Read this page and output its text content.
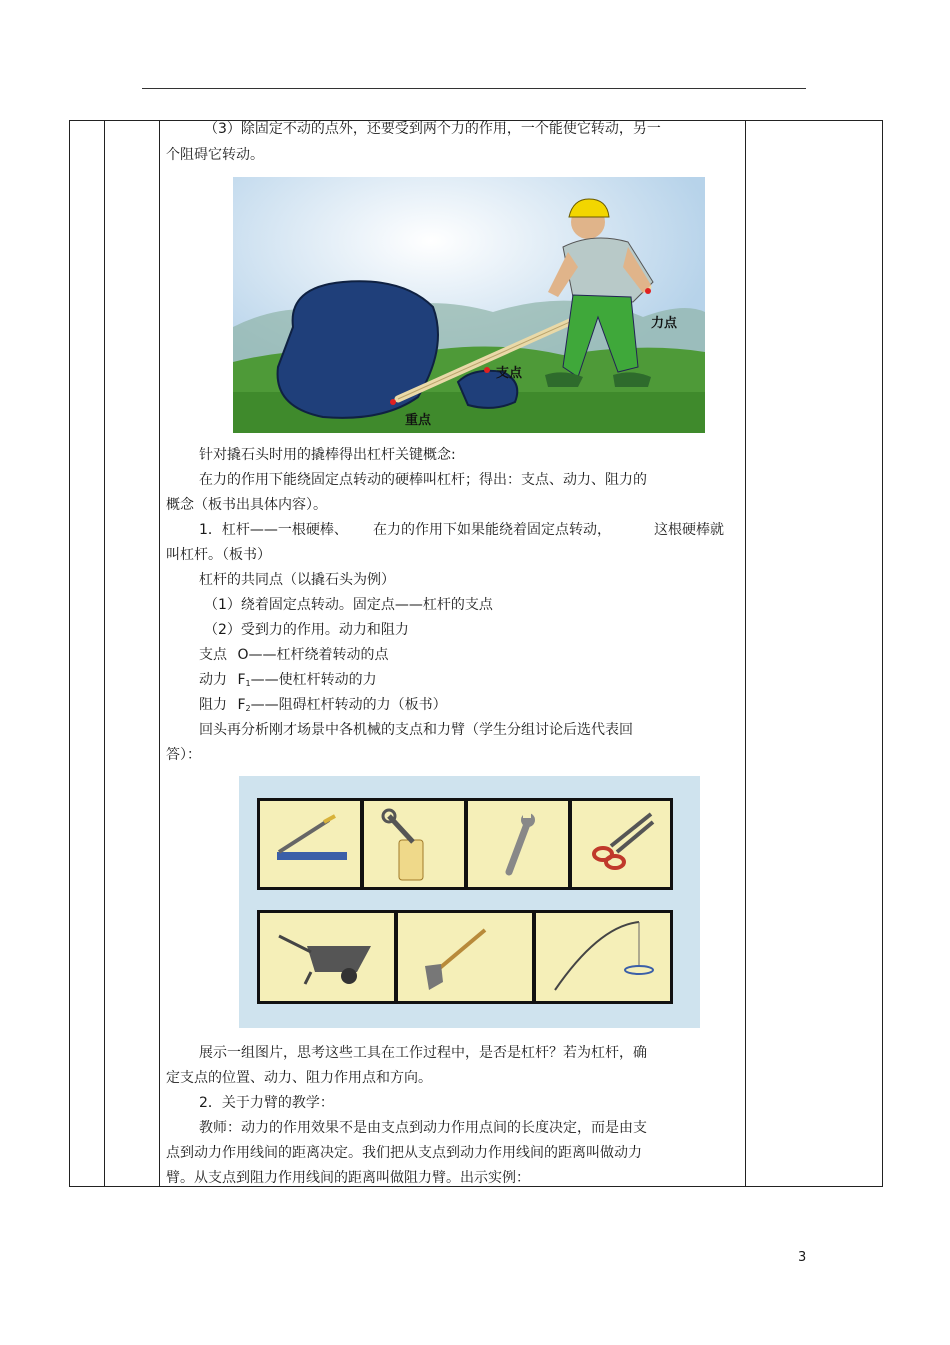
（3）除固定不动的点外，还要受到两个力的作用，一个能使它转动，另一
个阻碍它转动。
力点
支点
重点
针对撬石头时用的撬棒得出杠杆关键概念:
在力的作用下能绕固定点转动的硬棒叫杠杆；得出：支点、动力、阻力的
概念（板书出具体内容）。
1．杠杆——一根硬棒、 在力的作用下如果能绕着固定点转动，	这根硬棒就
叫杠杆。（板书）
杠杆的共同点（以撬石头为例）
（1）绕着固定点转动。固定点——杠杆的支点
（2）受到力的作用。动力和阻力
支点 O——杠杆绕着转动的点
动力 $F_1——$使杠杆转动的力
阻力 $F_2——$阻碍杠杆转动的力（板书）
回头再分析刚才场景中各机械的支点和力臂（学生分组讨论后选代表回
答）：
展示一组图片，思考这些工具在工作过程中，是否是杠杆？若为杠杆，确
定支点的位置、动力、阻力作用点和方向。
2．关于力臂的教学：
教师：动力的作用效果不是由支点到动力作用点间的长度决定，而是由支
点到动力作用线间的距离决定。我们把从支点到动力作用线间的距离叫做动力
臂。从支点到阻力作用线间的距离叫做阻力臂。出示实例：
3
